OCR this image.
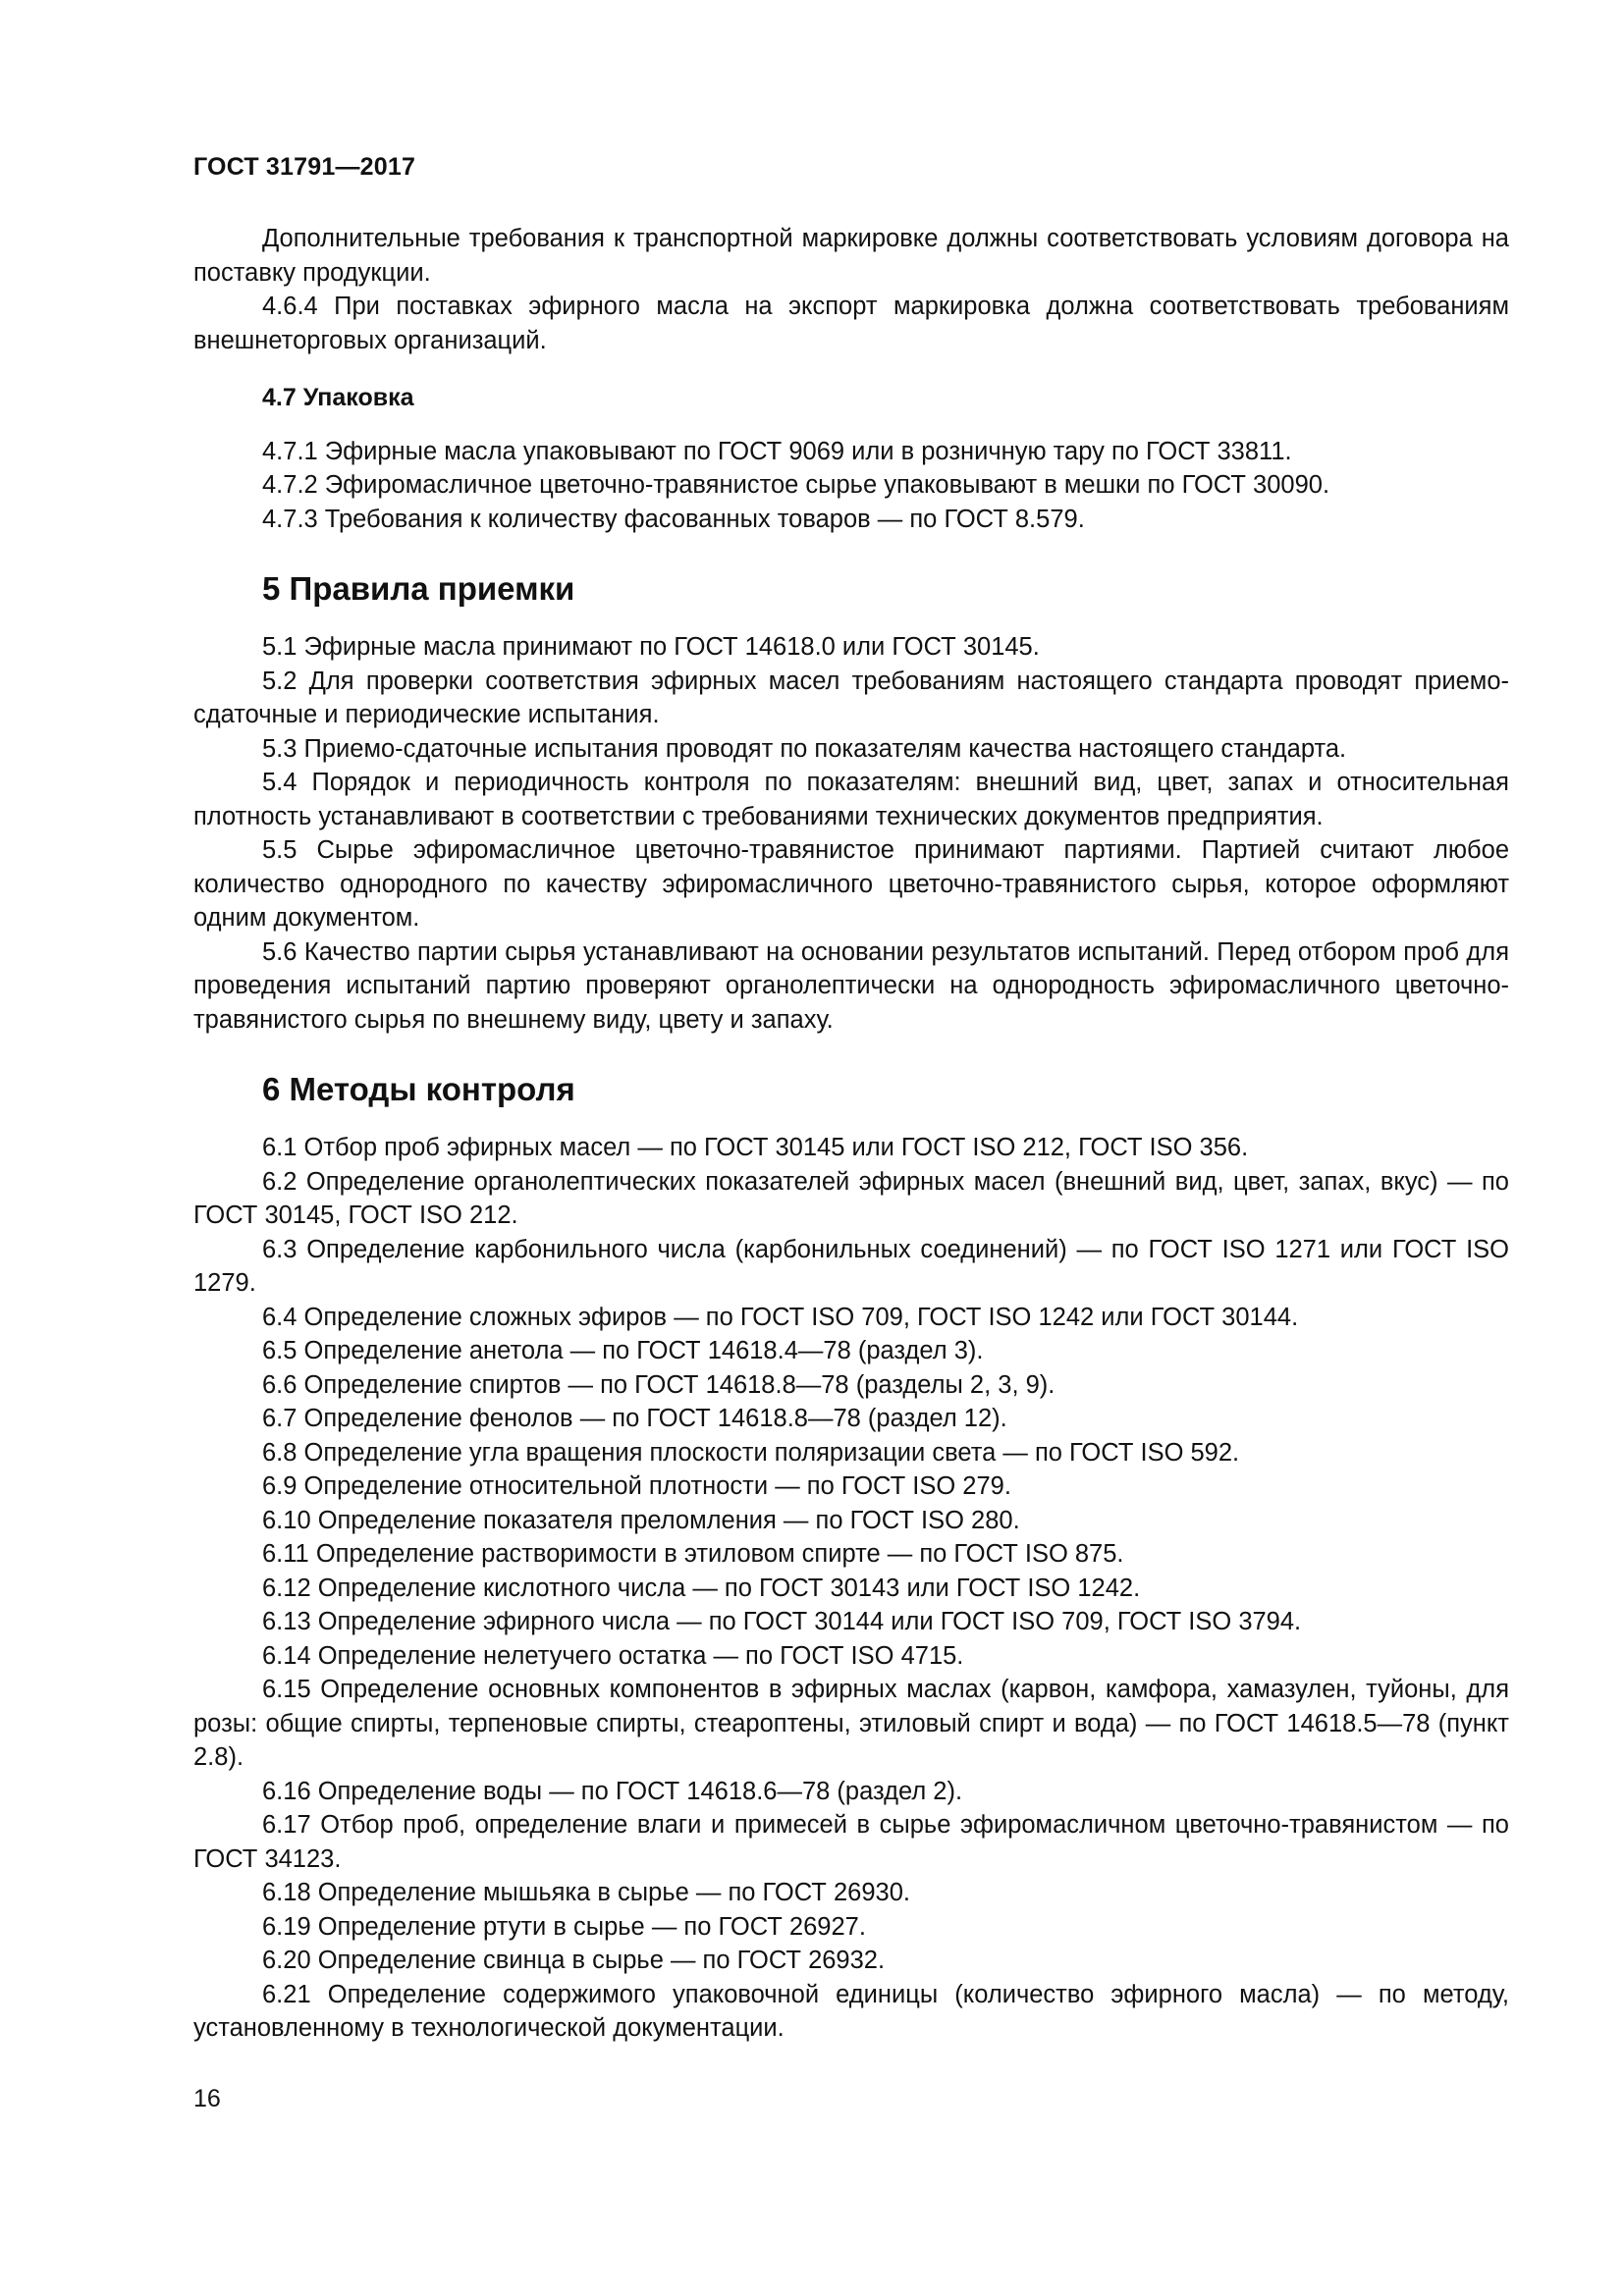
ГОСТ 31791—2017

Дополнительные требования к транспортной маркировке должны соответствовать условиям договора на поставку продукции.

4.6.4 При поставках эфирного масла на экспорт маркировка должна соответствовать требованиям внешнеторговых организаций.

4.7 Упаковка

4.7.1 Эфирные масла упаковывают по ГОСТ 9069 или в розничную тару по ГОСТ 33811.

4.7.2 Эфиромасличное цветочно-травянистое сырье упаковывают в мешки по ГОСТ 30090.

4.7.3 Требования к количеству фасованных товаров — по ГОСТ 8.579.

5 Правила приемки

5.1 Эфирные масла принимают по ГОСТ 14618.0 или ГОСТ 30145.

5.2 Для проверки соответствия эфирных масел требованиям настоящего стандарта проводят приемо-сдаточные и периодические испытания.

5.3 Приемо-сдаточные испытания проводят по показателям качества настоящего стандарта.

5.4 Порядок и периодичность контроля по показателям: внешний вид, цвет, запах и относительная плотность устанавливают в соответствии с требованиями технических документов предприятия.

5.5 Сырье эфиромасличное цветочно-травянистое принимают партиями. Партией считают любое количество однородного по качеству эфиромасличного цветочно-травянистого сырья, которое оформляют одним документом.

5.6 Качество партии сырья устанавливают на основании результатов испытаний. Перед отбором проб для проведения испытаний партию проверяют органолептически на однородность эфиромасличного цветочно-травянистого сырья по внешнему виду, цвету и запаху.

6 Методы контроля

6.1 Отбор проб эфирных масел — по ГОСТ 30145 или ГОСТ ISO 212, ГОСТ ISO 356.

6.2 Определение органолептических показателей эфирных масел (внешний вид, цвет, запах, вкус) — по ГОСТ 30145, ГОСТ ISO 212.

6.3 Определение карбонильного числа (карбонильных соединений) — по ГОСТ ISO 1271 или ГОСТ ISO 1279.

6.4 Определение сложных эфиров — по ГОСТ ISO 709, ГОСТ ISO 1242 или ГОСТ 30144.

6.5 Определение анетола — по ГОСТ 14618.4—78 (раздел 3).

6.6 Определение спиртов — по ГОСТ 14618.8—78 (разделы 2, 3, 9).

6.7 Определение фенолов — по ГОСТ 14618.8—78 (раздел 12).

6.8 Определение угла вращения плоскости поляризации света — по ГОСТ ISO 592.

6.9 Определение относительной плотности — по ГОСТ ISO 279.

6.10 Определение показателя преломления — по ГОСТ ISO 280.

6.11 Определение растворимости в этиловом спирте — по ГОСТ ISO 875.

6.12 Определение кислотного числа — по ГОСТ 30143 или ГОСТ ISO 1242.

6.13 Определение эфирного числа — по ГОСТ 30144 или ГОСТ ISO 709, ГОСТ ISO 3794.

6.14 Определение нелетучего остатка — по ГОСТ ISO 4715.

6.15 Определение основных компонентов в эфирных маслах (карвон, камфора, хамазулен, туйоны, для розы: общие спирты, терпеновые спирты, стеароптены, этиловый спирт и вода) — по ГОСТ 14618.5—78 (пункт 2.8).

6.16 Определение воды — по ГОСТ 14618.6—78 (раздел 2).

6.17 Отбор проб, определение влаги и примесей в сырье эфиромасличном цветочно-травянистом — по ГОСТ 34123.

6.18 Определение мышьяка в сырье — по ГОСТ 26930.

6.19 Определение ртути в сырье — по ГОСТ 26927.

6.20 Определение свинца в сырье — по ГОСТ 26932.

6.21 Определение содержимого упаковочной единицы (количество эфирного масла) — по методу, установленному в технологической документации.

16
